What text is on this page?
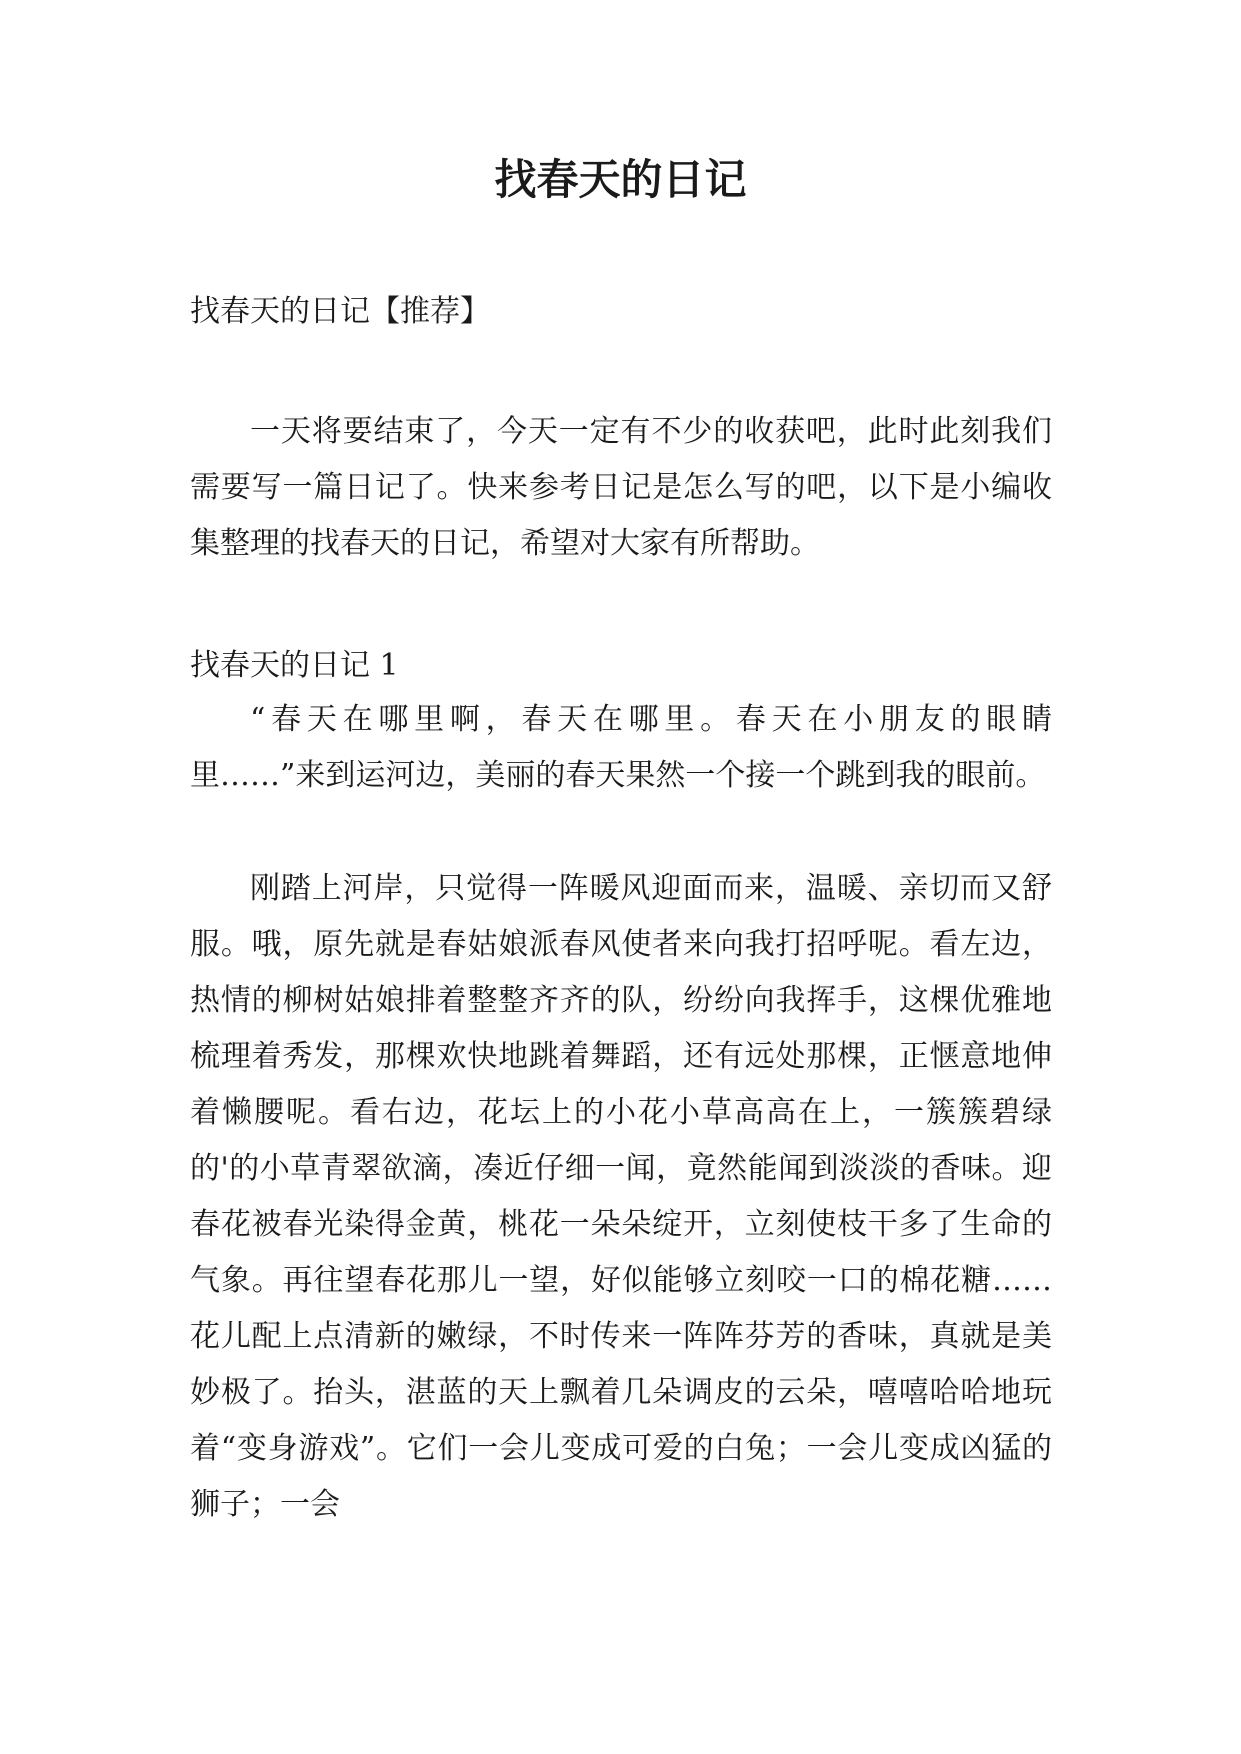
找春天的日记

找春天的日记【推荐】

一天将要结束了，今天一定有不少的收获吧，此时此刻我们需要写一篇日记了。快来参考日记是怎么写的吧，以下是小编收集整理的找春天的日记，希望对大家有所帮助。

找春天的日记 1

“春天在哪里啊，春天在哪里。春天在小朋友的眼睛里……”来到运河边，美丽的春天果然一个接一个跳到我的眼前。

刚踏上河岸，只觉得一阵暖风迎面而来，温暖、亲切而又舒服。哦，原先就是春姑娘派春风使者来向我打招呼呢。看左边，热情的柳树姑娘排着整整齐齐的队，纷纷向我挥手，这棵优雅地梳理着秀发，那棵欢快地跳着舞蹈，还有远处那棵，正惬意地伸着懒腰呢。看右边，花坛上的小花小草高高在上，一簇簇碧绿的'的小草青翠欲滴，凑近仔细一闻，竟然能闻到淡淡的香味。迎春花被春光染得金黄，桃花一朵朵绽开，立刻使枝干多了生命的气象。再往望春花那儿一望，好似能够立刻咬一口的棉花糖……花儿配上点清新的嫩绿，不时传来一阵阵芬芳的香味，真就是美妙极了。抬头，湛蓝的天上飘着几朵调皮的云朵，嘻嘻哈哈地玩着“变身游戏”。它们一会儿变成可爱的白兔；一会儿变成凶猛的狮子；一会
